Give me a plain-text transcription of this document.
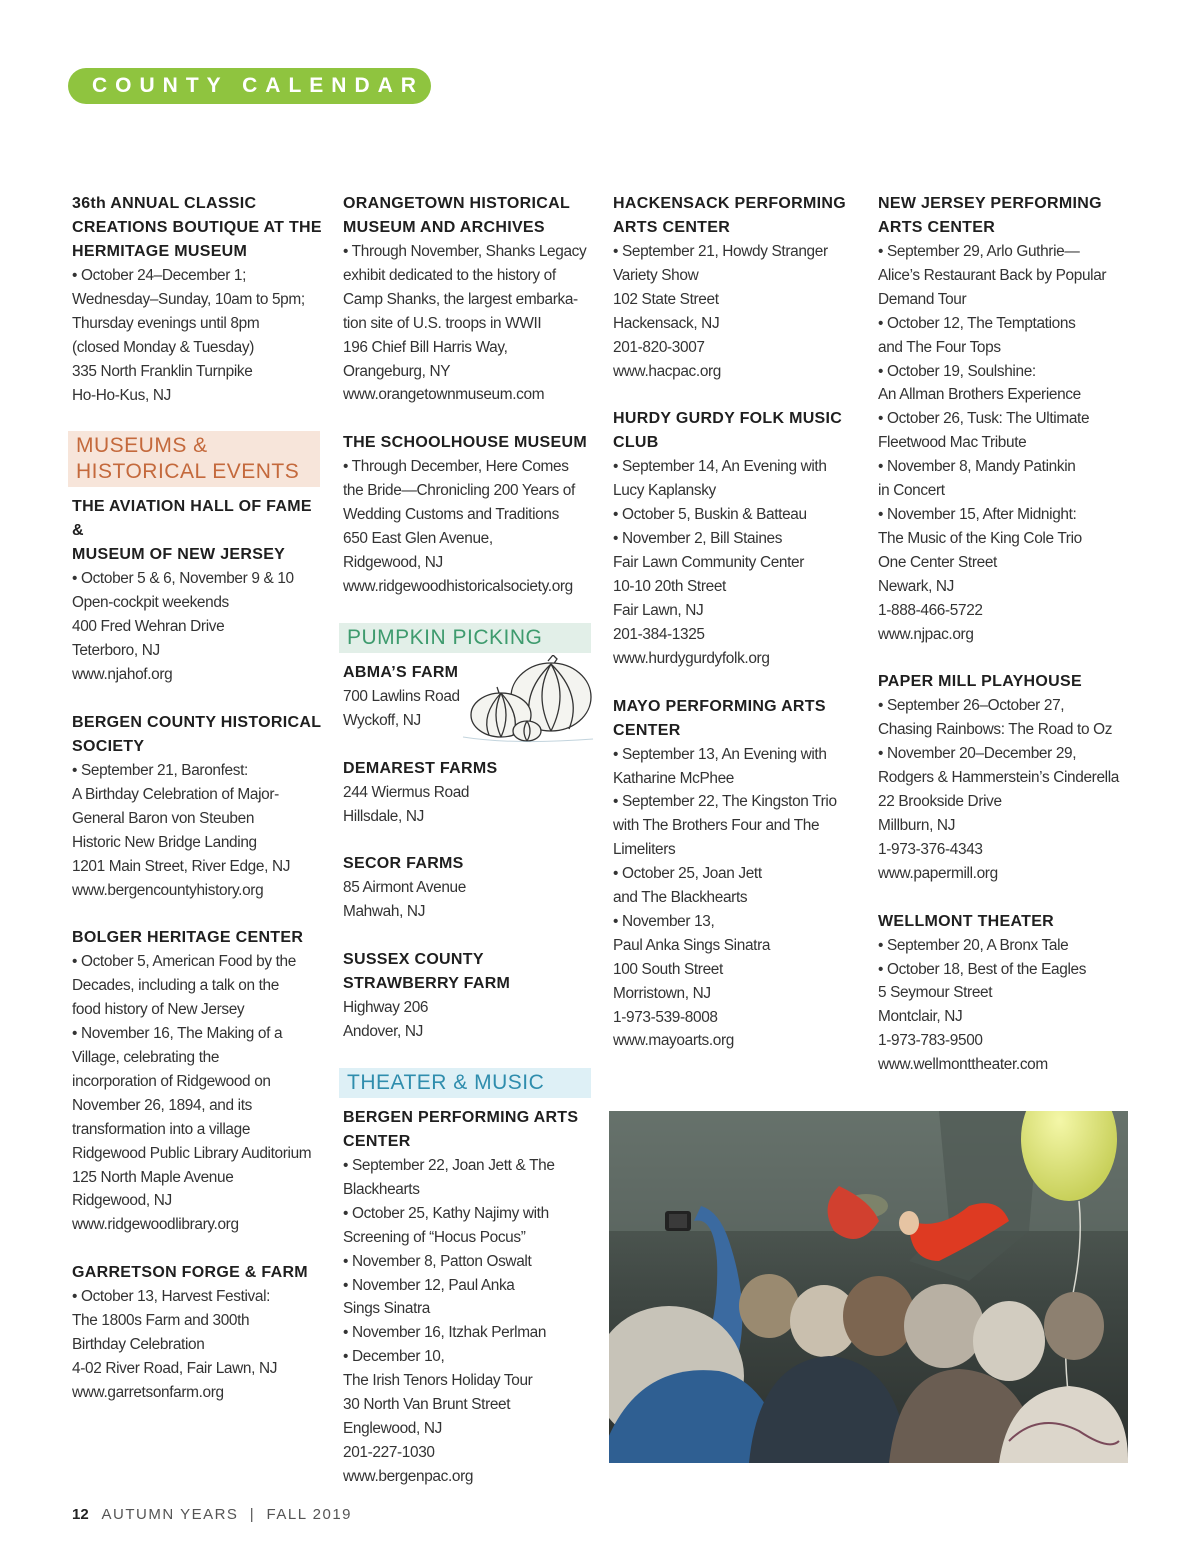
COUNTY CALENDAR
36th ANNUAL CLASSIC
CREATIONS BOUTIQUE AT THE
HERMITAGE MUSEUM
• October 24–December 1;
Wednesday–Sunday, 10am to 5pm;
Thursday evenings until 8pm
(closed Monday & Tuesday)
335 North Franklin Turnpike
Ho-Ho-Kus, NJ
MUSEUMS &
HISTORICAL EVENTS
THE AVIATION HALL OF FAME &
MUSEUM OF NEW JERSEY
• October 5 & 6, November 9 & 10
Open-cockpit weekends
400 Fred Wehran Drive
Teterboro, NJ
www.njahof.org
BERGEN COUNTY HISTORICAL
SOCIETY
• September 21, Baronfest:
A Birthday Celebration of Major-
General Baron von Steuben
Historic New Bridge Landing
1201 Main Street, River Edge, NJ
www.bergencountyhistory.org
BOLGER HERITAGE CENTER
• October 5, American Food by the
Decades, including a talk on the
food history of New Jersey
• November 16, The Making of a
Village, celebrating the
incorporation of Ridgewood on
November 26, 1894, and its
transformation into a village
Ridgewood Public Library Auditorium
125 North Maple Avenue
Ridgewood, NJ
www.ridgewoodlibrary.org
GARRETSON FORGE & FARM
• October 13, Harvest Festival:
The 1800s Farm and 300th
Birthday Celebration
4-02 River Road, Fair Lawn, NJ
www.garretsonfarm.org
ORANGETOWN HISTORICAL
MUSEUM AND ARCHIVES
• Through November, Shanks Legacy
exhibit dedicated to the history of
Camp Shanks, the largest embarka-
tion site of U.S. troops in WWII
196 Chief Bill Harris Way,
Orangeburg, NY
www.orangetownmuseum.com
THE SCHOOLHOUSE MUSEUM
• Through December, Here Comes
the Bride—Chronicling 200 Years of
Wedding Customs and Traditions
650 East Glen Avenue,
Ridgewood, NJ
www.ridgewoodhistoricalsociety.org
PUMPKIN PICKING
ABMA’S FARM
700 Lawlins Road
Wyckoff, NJ
DEMAREST FARMS
244 Wiermus Road
Hillsdale, NJ
SECOR FARMS
85 Airmont Avenue
Mahwah, NJ
SUSSEX COUNTY
STRAWBERRY FARM
Highway 206
Andover, NJ
THEATER & MUSIC
BERGEN PERFORMING ARTS
CENTER
• September 22, Joan Jett & The
Blackhearts
• October 25, Kathy Najimy with
Screening of “Hocus Pocus”
• November 8, Patton Oswalt
• November 12, Paul Anka
Sings Sinatra
• November 16, Itzhak Perlman
• December 10,
The Irish Tenors Holiday Tour
30 North Van Brunt Street
Englewood, NJ
201-227-1030
www.bergenpac.org
HACKENSACK PERFORMING
ARTS CENTER
• September 21, Howdy Stranger
Variety Show
102 State Street
Hackensack, NJ
201-820-3007
www.hacpac.org
HURDY GURDY FOLK MUSIC CLUB
• September 14, An Evening with
Lucy Kaplansky
• October 5, Buskin & Batteau
• November 2, Bill Staines
Fair Lawn Community Center
10-10 20th Street
Fair Lawn, NJ
201-384-1325
www.hurdygurdyfolk.org
MAYO PERFORMING ARTS
CENTER
• September 13, An Evening with
Katharine McPhee
• September 22, The Kingston Trio
with The Brothers Four and The
Limeliters
• October 25, Joan Jett
and The Blackhearts
• November 13,
Paul Anka Sings Sinatra
100 South Street
Morristown, NJ
1-973-539-8008
www.mayoarts.org
NEW JERSEY PERFORMING
ARTS CENTER
• September 29, Arlo Guthrie—
Alice’s Restaurant Back by Popular
Demand Tour
• October 12, The Temptations
and The Four Tops
• October 19, Soulshine:
An Allman Brothers Experience
• October 26, Tusk: The Ultimate
Fleetwood Mac Tribute
• November 8, Mandy Patinkin
in Concert
• November 15, After Midnight:
The Music of the King Cole Trio
One Center Street
Newark, NJ
1-888-466-5722
www.njpac.org
PAPER MILL PLAYHOUSE
• September 26–October 27,
Chasing Rainbows: The Road to Oz
• November 20–December 29,
Rodgers & Hammerstein’s Cinderella
22 Brookside Drive
Millburn, NJ
1-973-376-4343
www.papermill.org
WELLMONT THEATER
• September 20, A Bronx Tale
• October 18, Best of the Eagles
5 Seymour Street
Montclair, NJ
1-973-783-9500
www.wellmonttheater.com
12 AUTUMN YEARS  |  FALL 2019
